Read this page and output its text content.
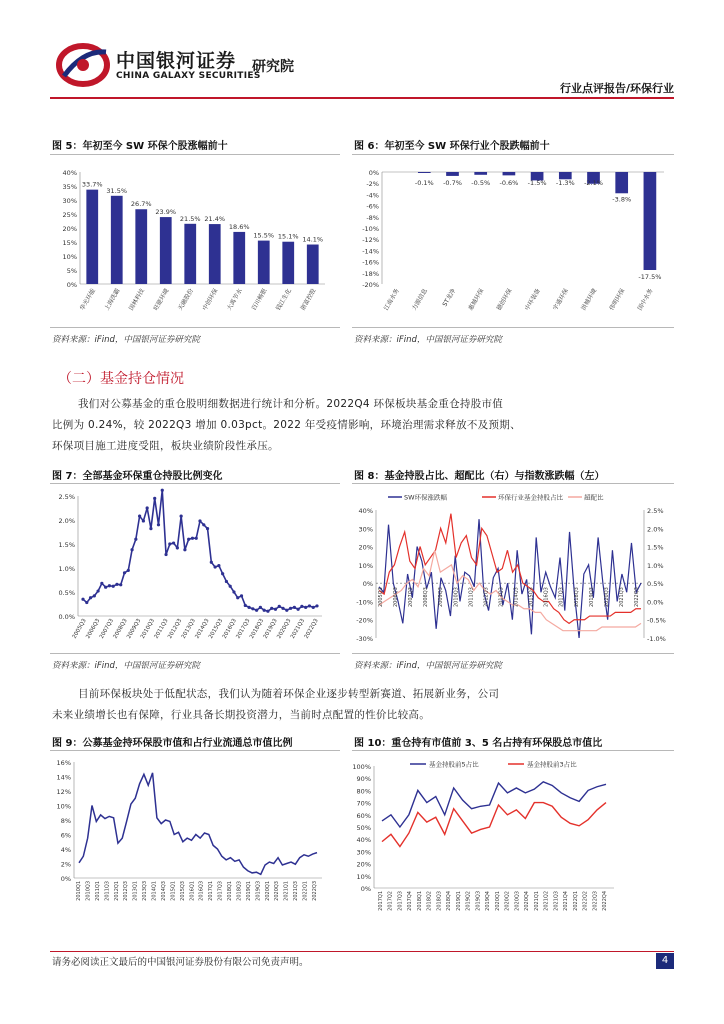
中国银河证券
CHINA GALAXY SECURITIES
研究院
行业点评报告/环保行业
图 5：年初至今 SW 环保个股涨幅前十
0%
5%
10%
15%
20%
25%
30%
35%
40%
33.7%
华光环能
31.5%
上海洗霸
26.7%
国林科技
23.9%
旺能环境
21.5%
天融股份
21.4%
中创环保
18.6%
大禹节水
15.5%
百川畅银
15.1%
钱江生化
14.1%
浙富控股
资料来源：iFind，中国银河证券研究院
图 6：年初至今 SW 环保行业个股跌幅前十
0%
-2%
-4%
-6%
-8%
-10%
-12%
-14%
-16%
-18%
-20%
江南水务 力源信息 ST龙净 惠城环保 德创环保 中环装备 宇通环保 洪城环境 伟明环保 国中水务
-0.1% -0.7% -0.5% -0.6% -1.5% -1.3% -2.1%
-3.8%
-17.5%
资料来源：iFind，中国银河证券研究院
（二）基金持仓情况
我们对公募基金的重仓股明细数据进行统计和分析。2022Q4 环保板块基金重仓持股市值
比例为 0.24%，较 2022Q3 增加 0.03pct。2022 年受疫情影响，环境治理需求释放不及预期、
环保项目施工进度受阻，板块业绩阶段性承压。
图 7：全部基金环保重仓持股比例变化
0.0%
0.5%
1.0%
1.5%
2.0%
2.5%
2005Q3
2006Q3
2007Q3
2008Q3
2009Q3
2010Q3
2011Q3
2012Q3
2013Q3
2014Q3
2015Q3
2016Q3
2017Q3
2018Q3
2019Q3
2020Q3
2021Q3
2022Q3
资料来源：iFind，中国银河证券研究院
图 8：基金持股占比、超配比（右）与指数涨跌幅（左）
-30%
-20%
-10%
0%
10%
20%
30%
40%
-1.0%
-0.5%
0.0%
0.5%
1.0%
1.5%
2.0%
2.5%
SW环保涨跌幅	环保行业基金持股占比	超配比
2005Q3 2006Q3 2007Q3 2008Q3 2009Q3 2010Q3 2011Q3 2012Q3 2013Q3 2014Q3 2015Q3 2016Q3 2017Q3 2018Q3 2019Q3 2020Q3 2021Q3 2022Q3
资料来源：iFind，中国银河证券研究院
目前环保板块处于低配状态，我们认为随着环保企业逐步转型新赛道、拓展新业务，公司
未来业绩增长也有保障，行业具备长期投资潜力，当前时点配置的性价比较高。
图 9：公募基金持环保股市值和占行业流通总市值比例
0%
2%
4%
6%
8%
10%
12%
14%
16%
2010Q1 2010Q3 2011Q1 2011Q3 2012Q1 2012Q3 2013Q1 2013Q3 2014Q1 2014Q3 2015Q1 2015Q3 2016Q1 2016Q3 2017Q1 2017Q3 2018Q1 2018Q3 2019Q1 2019Q3 2020Q1 2020Q3 2021Q1 2021Q3 2022Q1 2022Q3
图 10：重仓持有市值前 3、5 名占持有环保股总市值比
0%
10%
20%
30%
40%
50%
60%
70%
80%
90%
100%	基金持股前5占比	基金持股前3占比
2017Q1 2017Q2 2017Q3 2017Q4 2018Q1 2018Q2 2018Q3 2018Q4 2019Q1 2019Q2 2019Q3 2019Q4 2020Q1 2020Q2 2020Q3 2020Q4 2021Q1 2021Q2 2021Q3 2021Q4 2022Q1 2022Q2 2022Q3 2022Q4
请务必阅读正文最后的中国银河证券股份有限公司免责声明。	4
